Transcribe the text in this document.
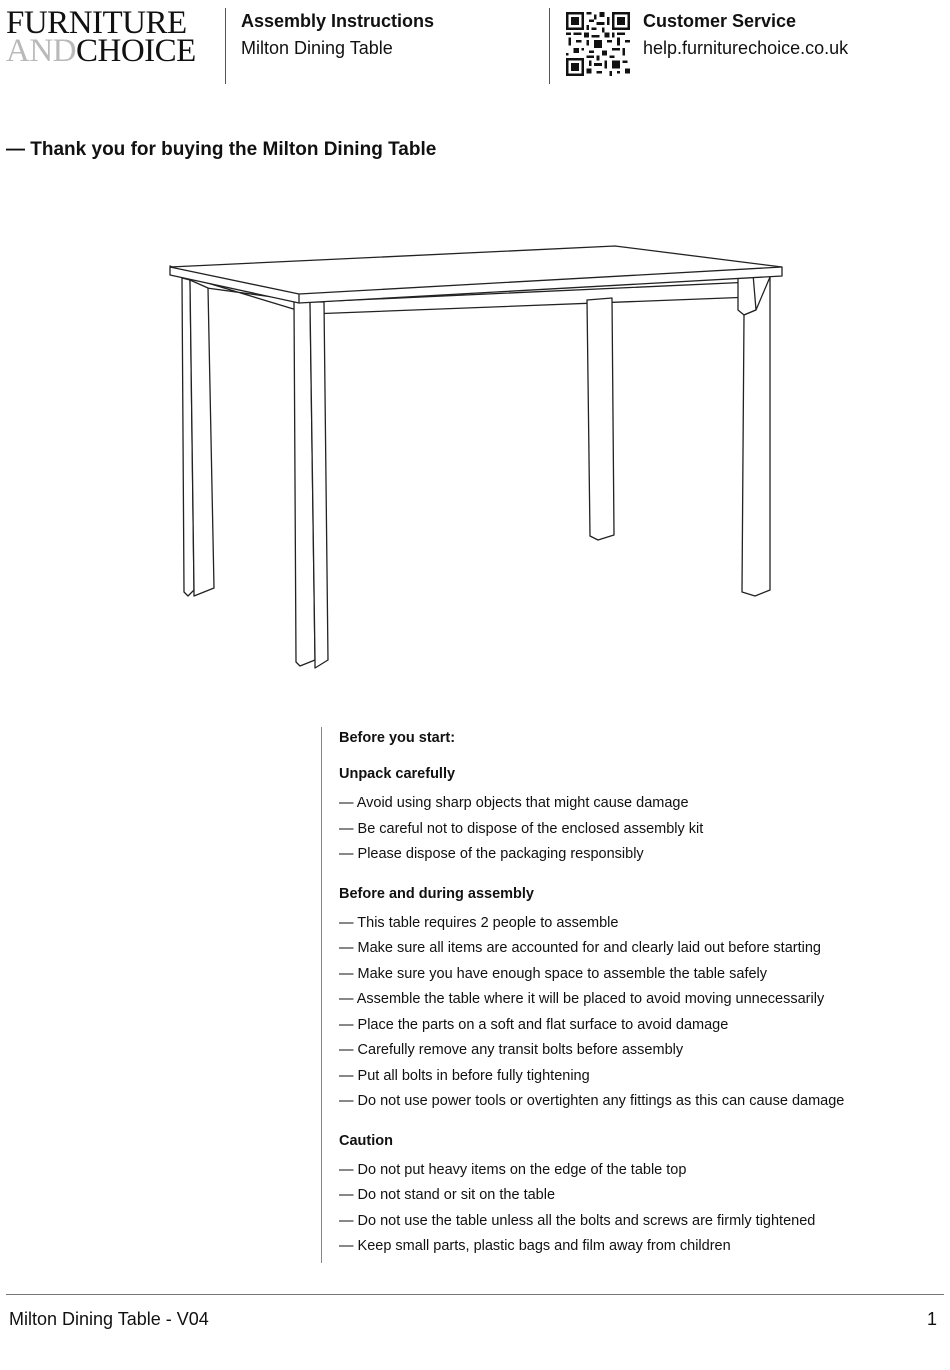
FURNITURE
ANDCHOICE
Assembly Instructions
Milton Dining Table
Customer Service
help.furniturechoice.co.uk
— Thank you for buying the Milton Dining Table

Before you start:

Unpack carefully
— Avoid using sharp objects that might cause damage
— Be careful not to dispose of the enclosed assembly kit
— Please dispose of the packaging responsibly
Before and during assembly
— This table requires 2 people to assemble
— Make sure all items are accounted for and clearly laid out before starting
— Make sure you have enough space to assemble the table safely
— Assemble the table where it will be placed to avoid moving unnecessarily
— Place the parts on a soft and flat surface to avoid damage
— Carefully remove any transit bolts before assembly
— Put all bolts in before fully tightening
— Do not use power tools or overtighten any fittings as this can cause damage
Caution
— Do not put heavy items on the edge of the table top
— Do not stand or sit on the table
— Do not use the table unless all the bolts and screws are firmly tightened
— Keep small parts, plastic bags and film away from children
Milton Dining Table - V04	1
